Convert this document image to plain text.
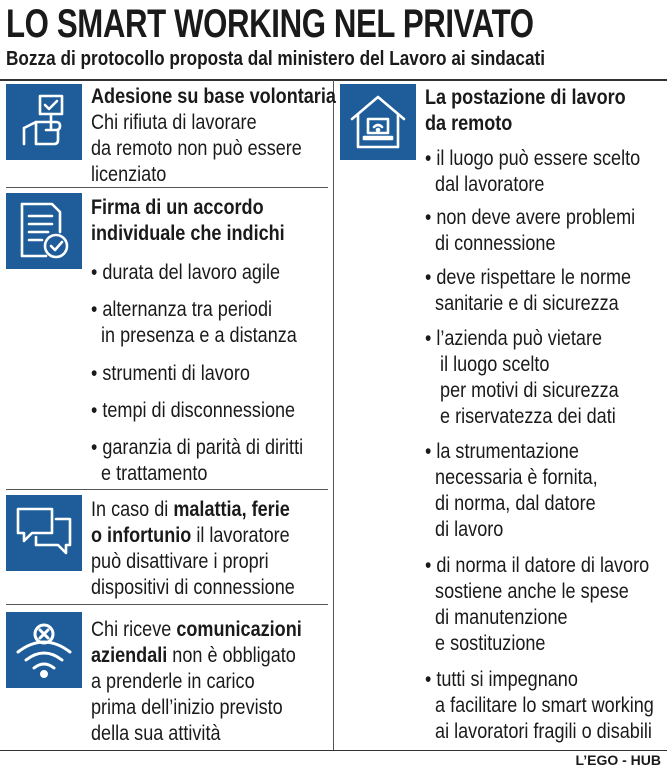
LO SMART WORKING NEL PRIVATO
Bozza di protocollo proposta dal ministero del Lavoro ai sindacati
Adesione su base volontaria
Chi rifiuta di lavorare
da remoto non può essere
licenziato
Firma di un accordo
individuale che indichi
• durata del lavoro agile
• alternanza tra periodi
in presenza e a distanza
• strumenti di lavoro
• tempi di disconnessione
• garanzia di parità di diritti
e trattamento
In caso di malattia, ferie
o infortunio il lavoratore
può disattivare i propri
dispositivi di connessione
Chi riceve comunicazioni
aziendali non è obbligato
a prenderle in carico
prima dell’inizio previsto
della sua attività
La postazione di lavoro
da remoto
• il luogo può essere scelto
dal lavoratore
• non deve avere problemi
di connessione
• deve rispettare le norme
sanitarie e di sicurezza
• l’azienda può vietare
il luogo scelto
per motivi di sicurezza
e riservatezza dei dati
• la strumentazione
necessaria è fornita,
di norma, dal datore
di lavoro
• di norma il datore di lavoro
sostiene anche le spese
di manutenzione
e sostituzione
• tutti si impegnano
a facilitare lo smart working
ai lavoratori fragili o disabili
L’EGO - HUB
